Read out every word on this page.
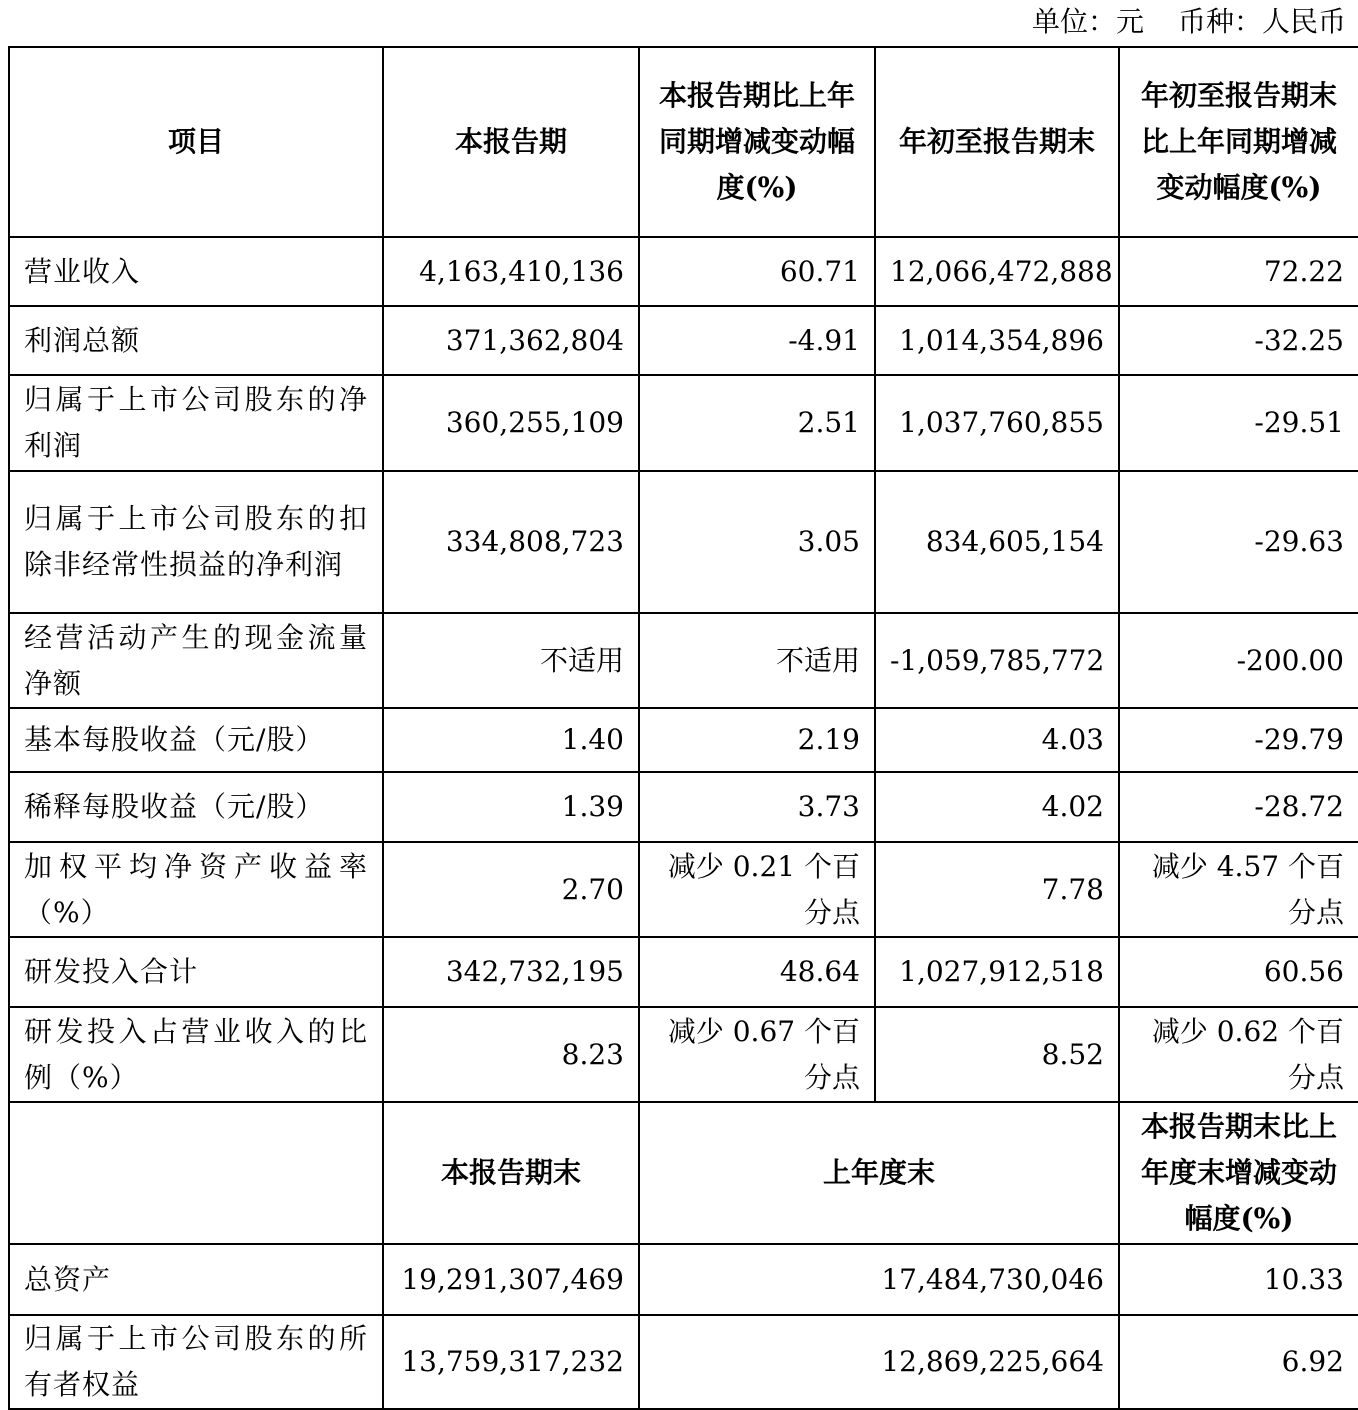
单位：元 币种：人民币
项目	本报告期	本报告期比上年同期增减变动幅度(%)	年初至报告期末	年初至报告期末比上年同期增减变动幅度(%)
营业收入	4,163,410,136	60.71	12,066,472,888	72.22
利润总额	371,362,804	-4.91	1,014,354,896	-32.25
归属于上市公司股东的净利润	360,255,109	2.51	1,037,760,855	-29.51
归属于上市公司股东的扣除非经常性损益的净利润	334,808,723	3.05	834,605,154	-29.63
经营活动产生的现金流量净额	不适用	不适用	-1,059,785,772	-200.00
基本每股收益（元/股）	1.40	2.19	4.03	-29.79
稀释每股收益（元/股）	1.39	3.73	4.02	-28.72
加权平均净资产收益率（%）	2.70	减少 0.21 个百分点	7.78	减少 4.57 个百分点
研发投入合计	342,732,195	48.64	1,027,912,518	60.56
研发投入占营业收入的比例（%）	8.23	减少 0.67 个百分点	8.52	减少 0.62 个百分点
	本报告期末	上年度末		本报告期末比上年度末增减变动幅度(%)
总资产	19,291,307,469	17,484,730,046		10.33
归属于上市公司股东的所有者权益	13,759,317,232	12,869,225,664		6.92
